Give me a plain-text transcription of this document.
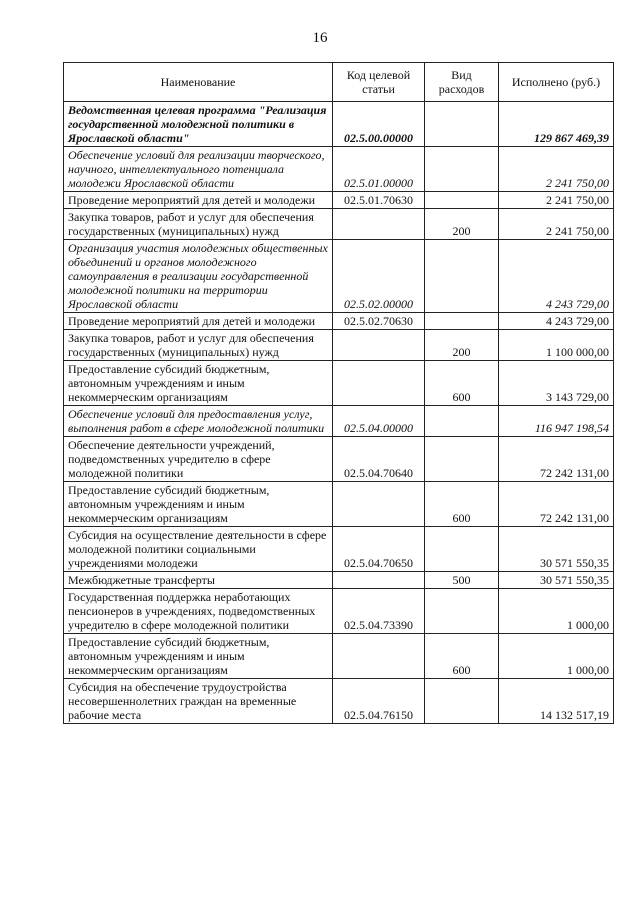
16
Наименование	Код целевой статьи	Вид расходов	Исполнено (руб.)
Ведомственная целевая программа "Реализация государственной молодежной политики в Ярославской области"	02.5.00.00000		129 867 469,39
Обеспечение условий для реализации творческого, научного, интеллектуального потенциала молодежи Ярославской области	02.5.01.00000		2 241 750,00
Проведение мероприятий для детей и молодежи	02.5.01.70630		2 241 750,00
Закупка товаров, работ и услуг для обеспечения государственных (муниципальных) нужд		200	2 241 750,00
Организация участия молодежных общественных объединений и органов молодежного самоуправления в реализации государственной молодежной политики на территории Ярославской области	02.5.02.00000		4 243 729,00
Проведение мероприятий для детей и молодежи	02.5.02.70630		4 243 729,00
Закупка товаров, работ и услуг для обеспечения государственных (муниципальных) нужд		200	1 100 000,00
Предоставление субсидий бюджетным, автономным учреждениям и иным некоммерческим организациям		600	3 143 729,00
Обеспечение условий для предоставления услуг, выполнения работ в сфере молодежной политики	02.5.04.00000		116 947 198,54
Обеспечение деятельности учреждений, подведомственных учредителю в сфере молодежной политики	02.5.04.70640		72 242 131,00
Предоставление субсидий бюджетным, автономным учреждениям и иным некоммерческим организациям		600	72 242 131,00
Субсидия на осуществление деятельности в сфере молодежной политики социальными учреждениями молодежи	02.5.04.70650		30 571 550,35
Межбюджетные трансферты		500	30 571 550,35
Государственная поддержка неработающих пенсионеров в учреждениях, подведомственных учредителю в сфере молодежной политики	02.5.04.73390		1 000,00
Предоставление субсидий бюджетным, автономным учреждениям и иным некоммерческим организациям		600	1 000,00
Субсидия на обеспечение трудоустройства несовершеннолетних граждан на временные рабочие места	02.5.04.76150		14 132 517,19
